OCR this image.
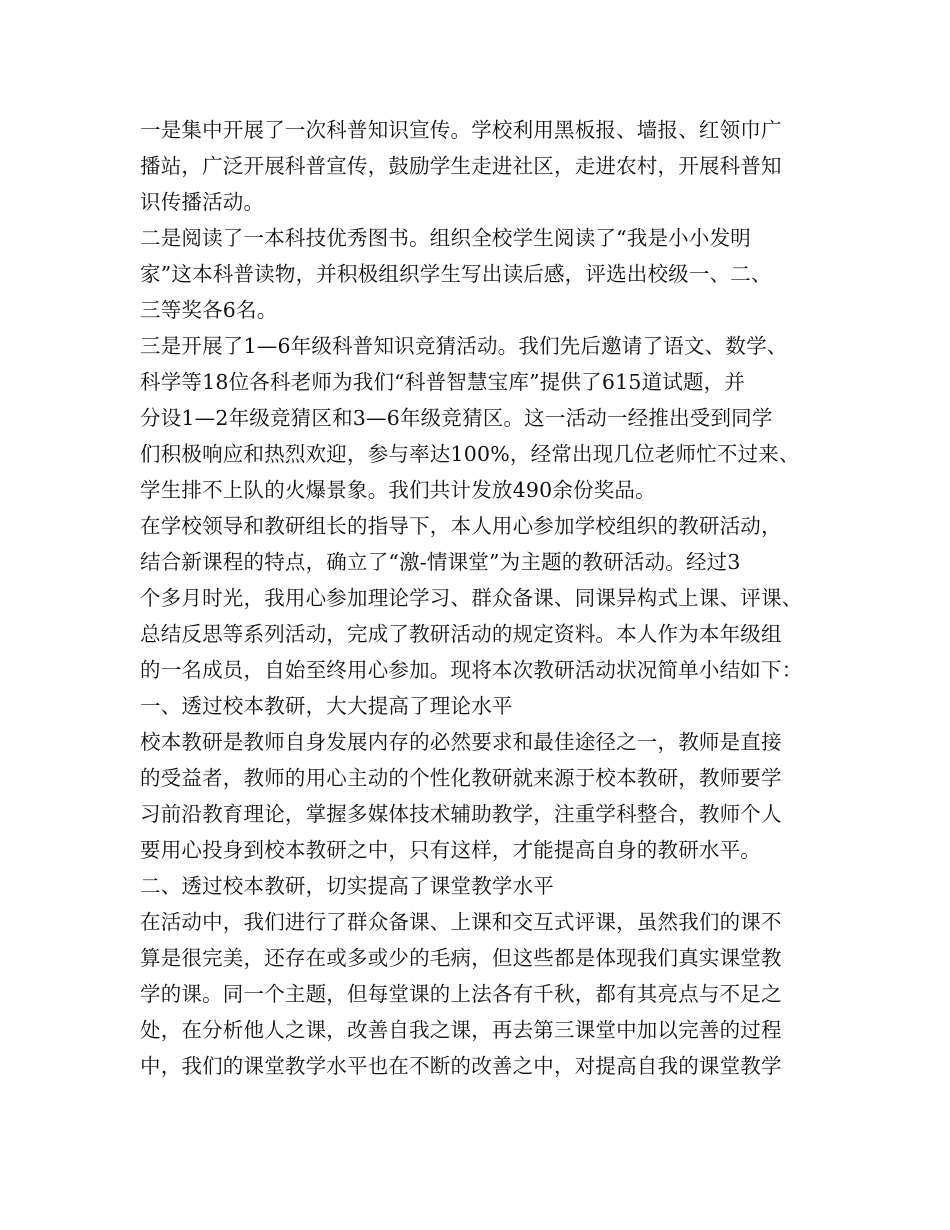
一是集中开展了一次科普知识宣传。学校利用黑板报、墙报、红领巾广
播站，广泛开展科普宣传，鼓励学生走进社区，走进农村，开展科普知
识传播活动。
二是阅读了一本科技优秀图书。组织全校学生阅读了“我是小小发明
家”这本科普读物，并积极组织学生写出读后感，评选出校级一、二、
三等奖各6名。
三是开展了1—6年级科普知识竞猜活动。我们先后邀请了语文、数学、
科学等18位各科老师为我们“科普智慧宝库”提供了615道试题，并
分设1—2年级竞猜区和3—6年级竞猜区。这一活动一经推出受到同学
们积极响应和热烈欢迎，参与率达100%，经常出现几位老师忙不过来、
学生排不上队的火爆景象。我们共计发放490余份奖品。
在学校领导和教研组长的指导下，本人用心参加学校组织的教研活动，
结合新课程的特点，确立了“激-情课堂”为主题的教研活动。经过3
个多月时光，我用心参加理论学习、群众备课、同课异构式上课、评课、
总结反思等系列活动，完成了教研活动的规定资料。本人作为本年级组
的一名成员，自始至终用心参加。现将本次教研活动状况简单小结如下：
一、透过校本教研，大大提高了理论水平
校本教研是教师自身发展内存的必然要求和最佳途径之一，教师是直接
的受益者，教师的用心主动的个性化教研就来源于校本教研，教师要学
习前沿教育理论，掌握多媒体技术辅助教学，注重学科整合，教师个人
要用心投身到校本教研之中，只有这样，才能提高自身的教研水平。
二、透过校本教研，切实提高了课堂教学水平
在活动中，我们进行了群众备课、上课和交互式评课，虽然我们的课不
算是很完美，还存在或多或少的毛病，但这些都是体现我们真实课堂教
学的课。同一个主题，但每堂课的上法各有千秋，都有其亮点与不足之
处，在分析他人之课，改善自我之课，再去第三课堂中加以完善的过程
中，我们的课堂教学水平也在不断的改善之中，对提高自我的课堂教学
